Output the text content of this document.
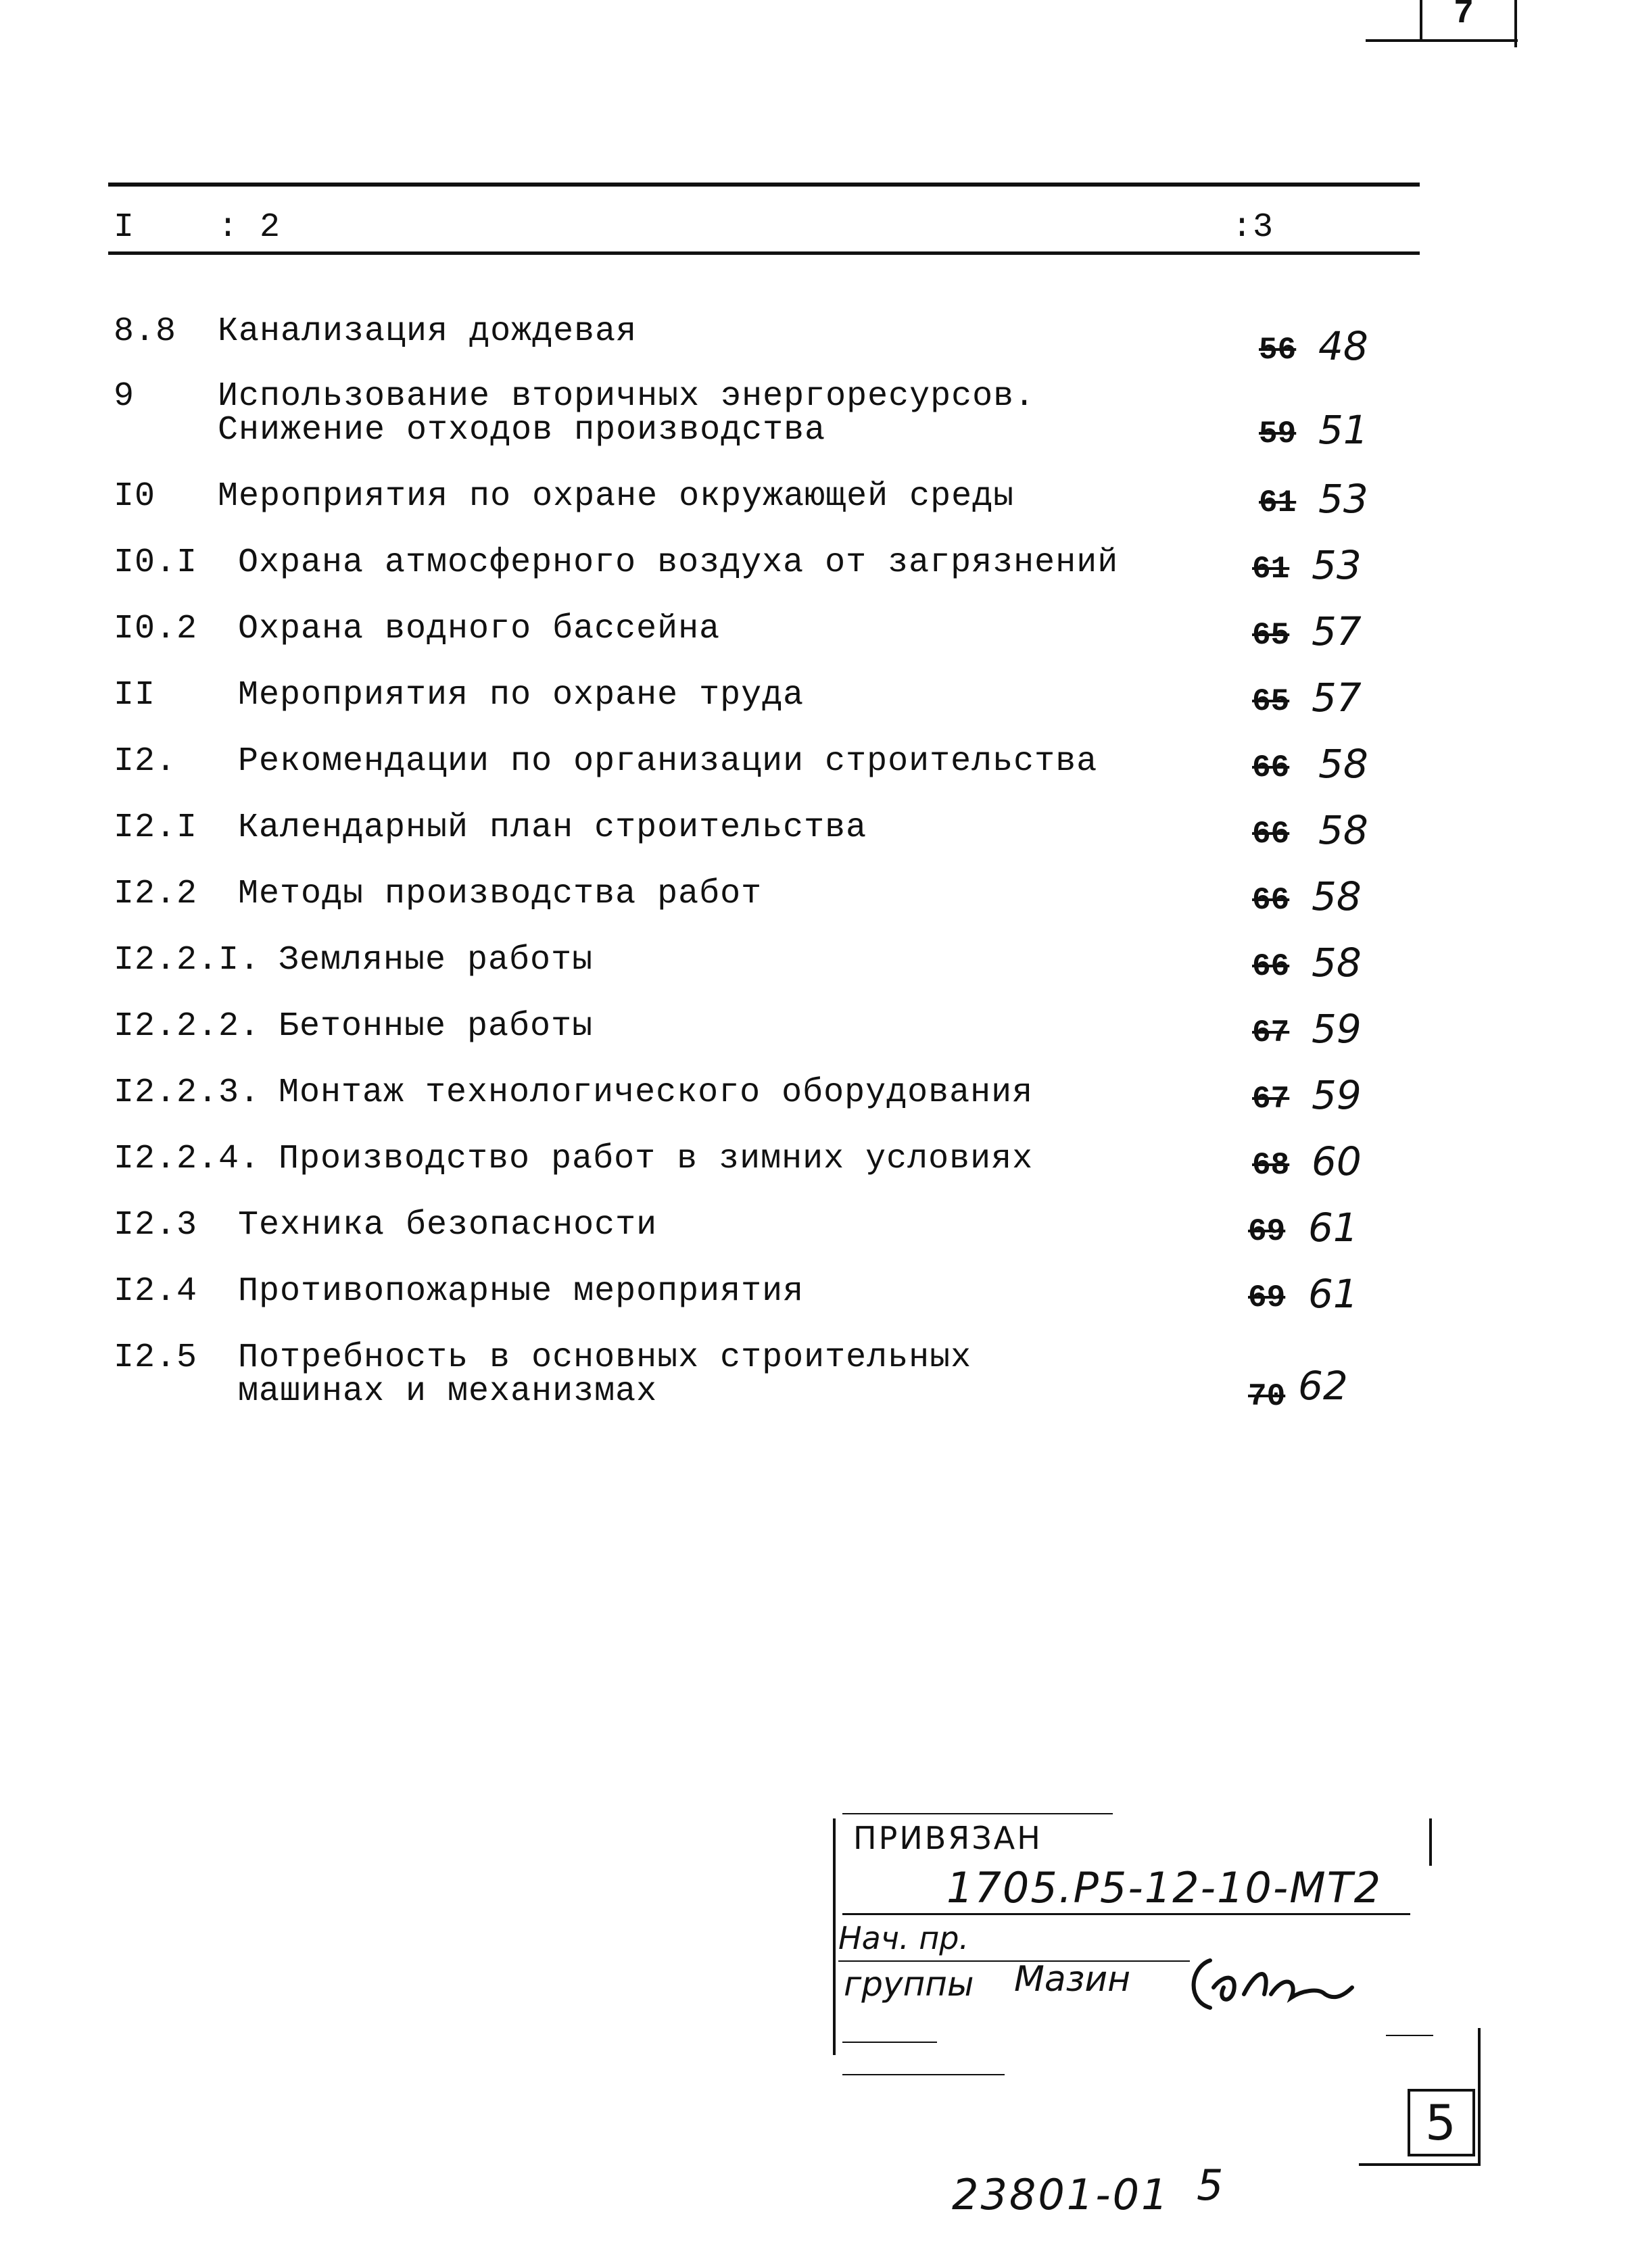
7
I : 2	:3
8.8 Канализация дождевая	56 48
9 Использование вторичных энергоресурсов.
Снижение отходов производства	59 51
I0 Мероприятия по охране окружающей среды	61 53
I0.I Охрана атмосферного воздуха от загрязнений	61 53
I0.2 Охрана водного бассейна	65 57
II Мероприятия по охране труда	65 57
I2. Рекомендации по организации строительства	66 58
I2.I Календарный план строительства	66 58
I2.2 Методы производства работ	66 58
I2.2.I. Земляные работы	66 58
I2.2.2. Бетонные работы	67 59
I2.2.3. Монтаж технологического оборудования	67 59
I2.2.4. Производство работ в зимних условиях	68 60
I2.3 Техника безопасности	69 61
I2.4 Противопожарные мероприятия	69 61
I2.5 Потребность в основных строительных
машинах и механизмах	70 62
ПРИВЯЗАН
1705.Р5-12-10-МТ2
Нач. пр.
группы Мазин
5
23801-01 5
